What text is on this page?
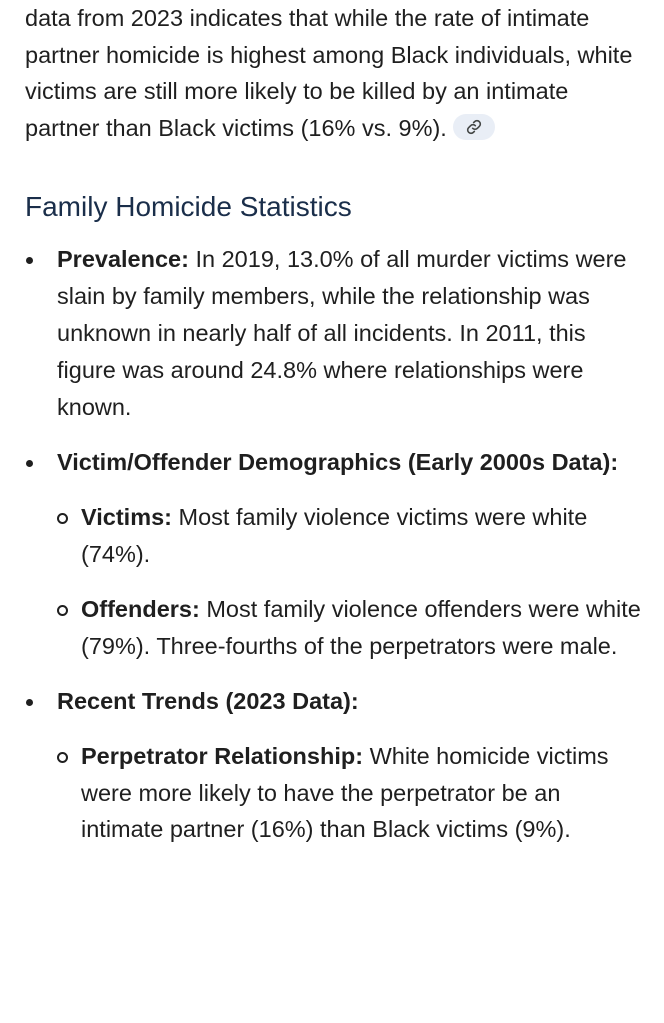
data from 2023 indicates that while the rate of intimate partner homicide is highest among Black individuals, white victims are still more likely to be killed by an intimate partner than Black victims (16% vs. 9%).

Family Homicide Statistics
Prevalence: In 2019, 13.0% of all murder victims were slain by family members, while the relationship was unknown in nearly half of all incidents. In 2011, this figure was around 24.8% where relationships were known.
Victim/Offender Demographics (Early 2000s Data):
Victims: Most family violence victims were white (74%).
Offenders: Most family violence offenders were white (79%). Three-fourths of the perpetrators were male.
Recent Trends (2023 Data):
Perpetrator Relationship: White homicide victims were more likely to have the perpetrator be an intimate partner (16%) than Black victims (9%).
